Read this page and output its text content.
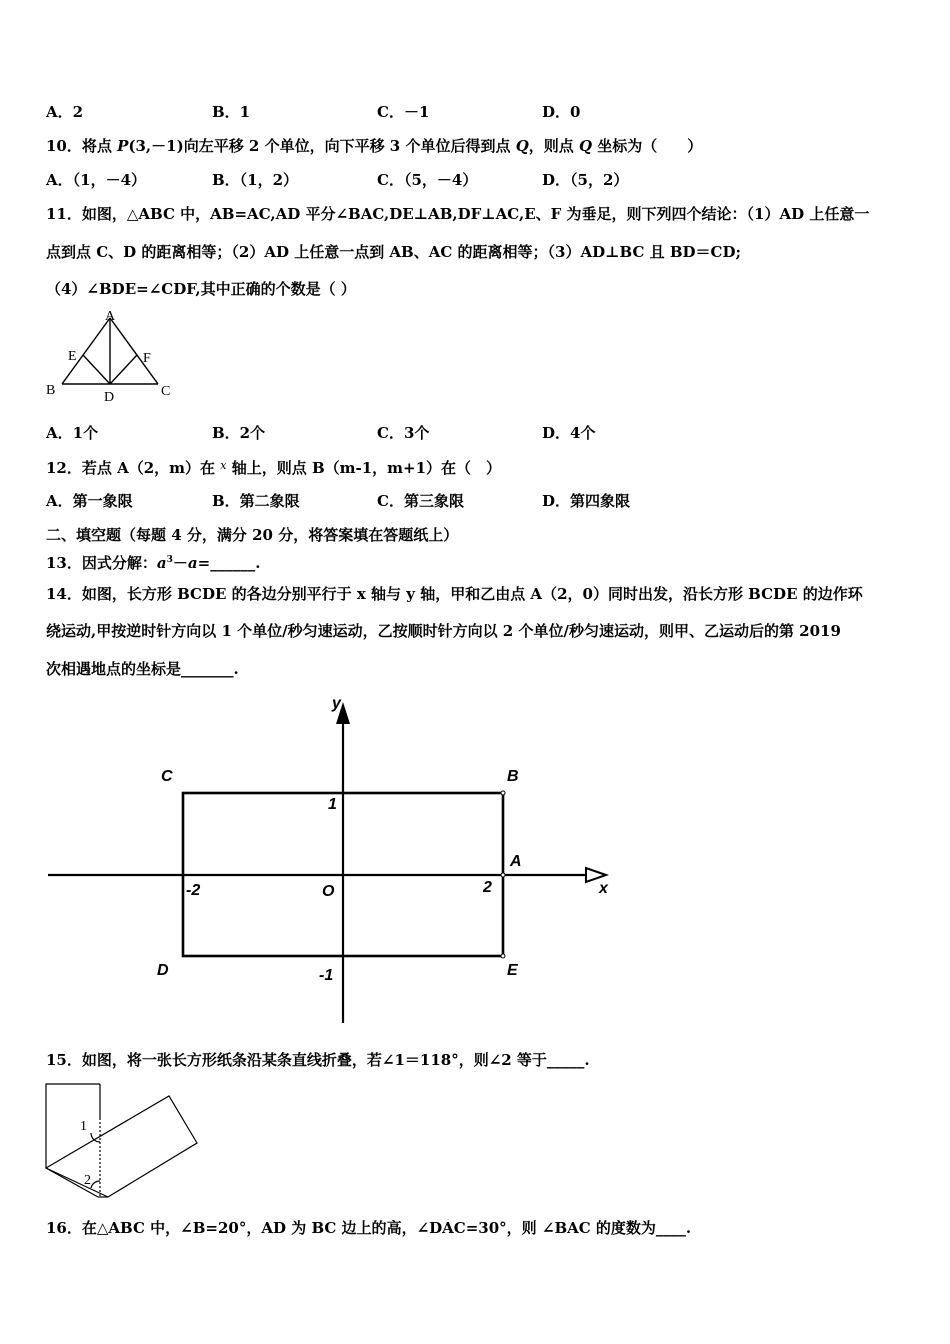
A．2	B．1	C．－1	D．0
10．将点 P(3,－1)向左平移 2 个单位，向下平移 3 个单位后得到点 Q，则点 Q 坐标为（　　）
A．（1，－4）	B．（1，2）	C．（5，－4）	D．（5，2）
11．如图，△ABC 中，AB=AC,AD 平分∠BAC,DE⊥AB,DF⊥AC,E、F 为垂足，则下列四个结论：（1）AD 上任意一
点到点 C、D 的距离相等；（2）AD 上任意一点到 AB、AC 的距离相等；（3）AD⊥BC 且 BD＝CD;
（4）∠BDE=∠CDF,其中正确的个数是（ ）
A
B	C
D
E	F
A．1个	B．2个	C．3个	D．4个
12．若点 A（2，m）在 $^x$ 轴上，则点 B（m-1，m+1）在（　）
A．第一象限	B．第二象限	C．第三象限	D．第四象限
二、填空题（每题 4 分，满分 20 分，将答案填在答题纸上）
13．因式分解：$a^3-a=\_\_\_\_\_\_$.
14．如图，长方形 BCDE 的各边分别平行于 x 轴与 y 轴，甲和乙由点 A（2，0）同时出发，沿长方形 BCDE 的边作环
绕运动,甲按逆时针方向以 1 个单位/秒匀速运动，乙按顺时针方向以 2 个单位/秒匀速运动，则甲、乙运动后的第 2019
次相遇地点的坐标是_______.
y
x
C	B
A
D	E
O
1
-1
2
-2
15．如图，将一张长方形纸条沿某条直线折叠，若∠1＝118°，则∠2 等于_____.
1
2
16．在△ABC 中，∠B=20°，AD 为 BC 边上的高，∠DAC=30°，则 ∠BAC 的度数为____.
